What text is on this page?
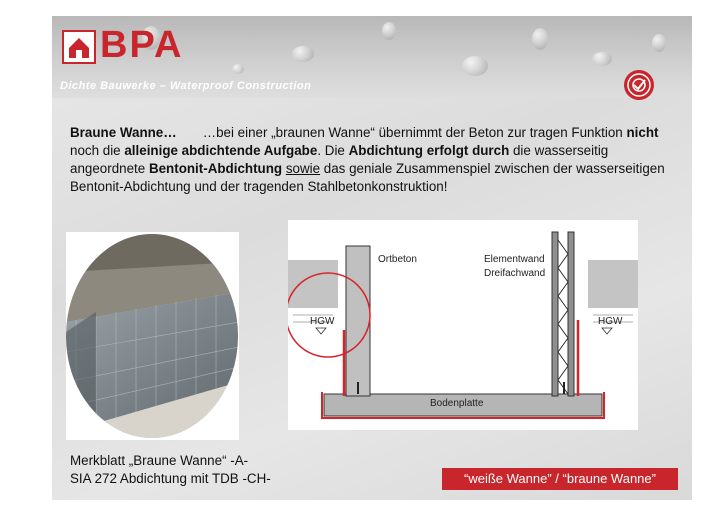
BPA
Dichte Bauwerke – Waterproof Construction
Braune Wanne… …bei einer „braunen Wanne“ übernimmt der Beton zur tragen Funktion nicht noch die alleinige abdichtende Aufgabe. Die Abdichtung erfolgt durch die wasserseitig angeordnete Bentonit-Abdichtung sowie das geniale Zusammenspiel zwischen der wasserseitigen Bentonit-Abdichtung und der tragenden Stahlbetonkonstruktion!
Ortbeton	Elementwand
Dreifachwand
HGW	HGW
Bodenplatte
Merkblatt „Braune Wanne“ -A-
SIA 272 Abdichtung mit TDB -CH-	“weiße Wanne” / “braune Wanne”
